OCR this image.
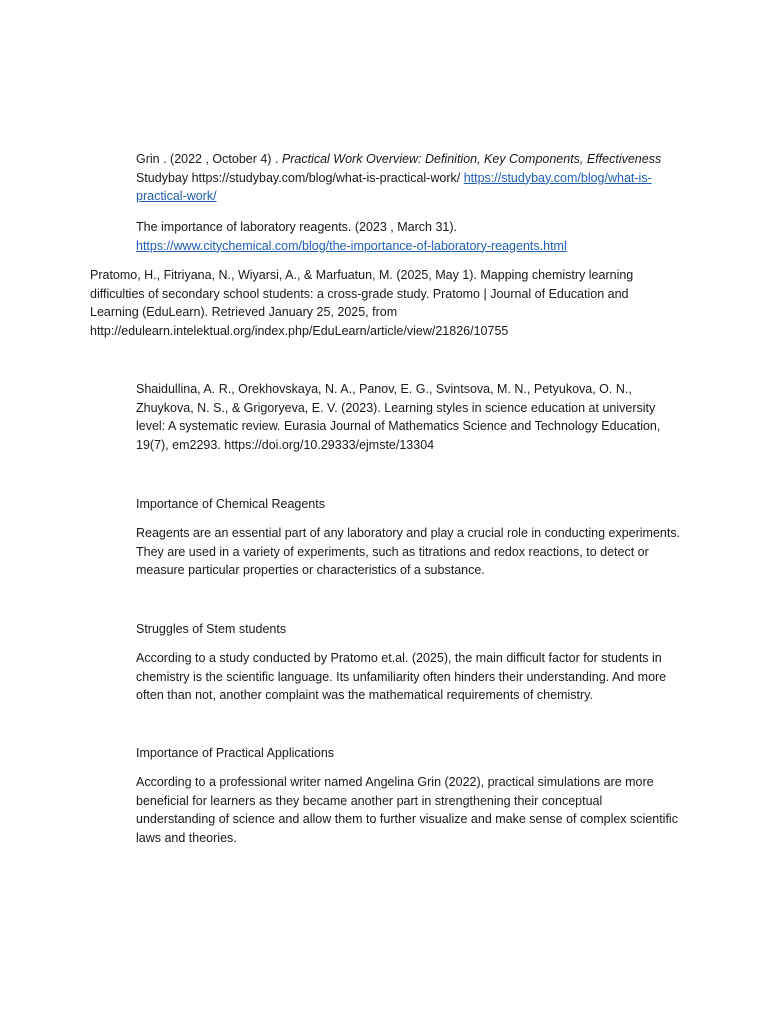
Grin . (2022 , October 4) . Practical Work Overview: Definition, Key Components, Effectiveness Studybay https://studybay.com/blog/what-is-practical-work/ https://studybay.com/blog/what-is-practical-work/

The importance of laboratory reagents. (2023 , March 31).
https://www.citychemical.com/blog/the-importance-of-laboratory-reagents.html

Pratomo, H., Fitriyana, N., Wiyarsi, A., & Marfuatun, M. (2025, May 1). Mapping chemistry learning difficulties of secondary school students: a cross-grade study. Pratomo | Journal of Education and Learning (EduLearn). Retrieved January 25, 2025, from http://edulearn.intelektual.org/index.php/EduLearn/article/view/21826/10755

Shaidullina, A. R., Orekhovskaya, N. A., Panov, E. G., Svintsova, M. N., Petyukova, O. N., Zhuykova, N. S., & Grigoryeva, E. V. (2023). Learning styles in science education at university level: A systematic review. Eurasia Journal of Mathematics Science and Technology Education, 19(7), em2293. https://doi.org/10.29333/ejmste/13304

Importance of Chemical Reagents

Reagents are an essential part of any laboratory and play a crucial role in conducting experiments. They are used in a variety of experiments, such as titrations and redox reactions, to detect or measure particular properties or characteristics of a substance.

Struggles of Stem students

According to a study conducted by Pratomo et.al. (2025), the main difficult factor for students in chemistry is the scientific language. Its unfamiliarity often hinders their understanding. And more often than not, another complaint was the mathematical requirements of chemistry.

Importance of Practical Applications

According to a professional writer named Angelina Grin (2022), practical simulations are more beneficial for learners as they became another part in strengthening their conceptual understanding of science and allow them to further visualize and make sense of complex scientific laws and theories.
